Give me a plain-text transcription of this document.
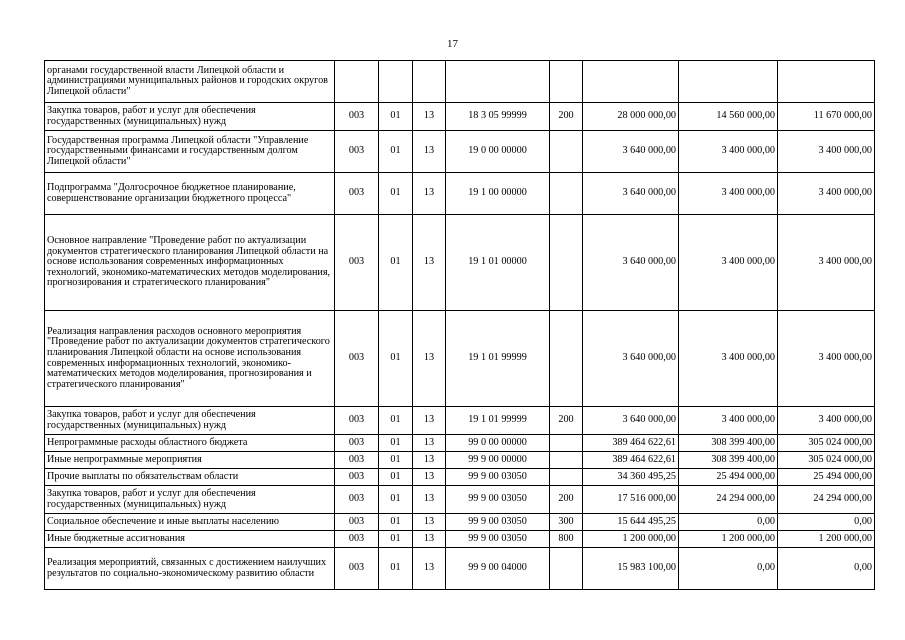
17
органами государственной власти Липецкой области и администрациями муниципальных районов и городских округов Липецкой области"								
Закупка товаров, работ и услуг для обеспечения государственных (муниципальных) нужд	003	01	13	18 3 05 99999	200	28 000 000,00	14 560 000,00	11 670 000,00
Государственная программа Липецкой области "Управление государственными финансами и государственным долгом Липецкой области"	003	01	13	19 0 00 00000		3 640 000,00	3 400 000,00	3 400 000,00
Подпрограмма "Долгосрочное бюджетное планирование, совершенствование организации бюджетного процесса"	003	01	13	19 1 00 00000		3 640 000,00	3 400 000,00	3 400 000,00
Основное направление "Проведение работ по актуализации документов стратегического планирования Липецкой области на основе использования современных информационных технологий, экономико-математических методов моделирования, прогнозирования и стратегического планирования"	003	01	13	19 1 01 00000		3 640 000,00	3 400 000,00	3 400 000,00
Реализация направления расходов основного мероприятия "Проведение работ по актуализации документов стратегического планирования Липецкой области на основе использования современных информационных технологий, экономико-математических методов моделирования, прогнозирования и стратегического планирования"	003	01	13	19 1 01 99999		3 640 000,00	3 400 000,00	3 400 000,00
Закупка товаров, работ и услуг для обеспечения государственных (муниципальных) нужд	003	01	13	19 1 01 99999	200	3 640 000,00	3 400 000,00	3 400 000,00
Непрограммные расходы областного бюджета	003	01	13	99 0 00 00000		389 464 622,61	308 399 400,00	305 024 000,00
Иные непрограммные мероприятия	003	01	13	99 9 00 00000		389 464 622,61	308 399 400,00	305 024 000,00
Прочие выплаты по обязательствам области	003	01	13	99 9 00 03050		34 360 495,25	25 494 000,00	25 494 000,00
Закупка товаров, работ и услуг для обеспечения государственных (муниципальных) нужд	003	01	13	99 9 00 03050	200	17 516 000,00	24 294 000,00	24 294 000,00
Социальное обеспечение и иные выплаты населению	003	01	13	99 9 00 03050	300	15 644 495,25	0,00	0,00
Иные бюджетные ассигнования	003	01	13	99 9 00 03050	800	1 200 000,00	1 200 000,00	1 200 000,00
Реализация мероприятий, связанных с достижением наилучших результатов по социально-экономическому развитию области	003	01	13	99 9 00 04000		15 983 100,00	0,00	0,00
